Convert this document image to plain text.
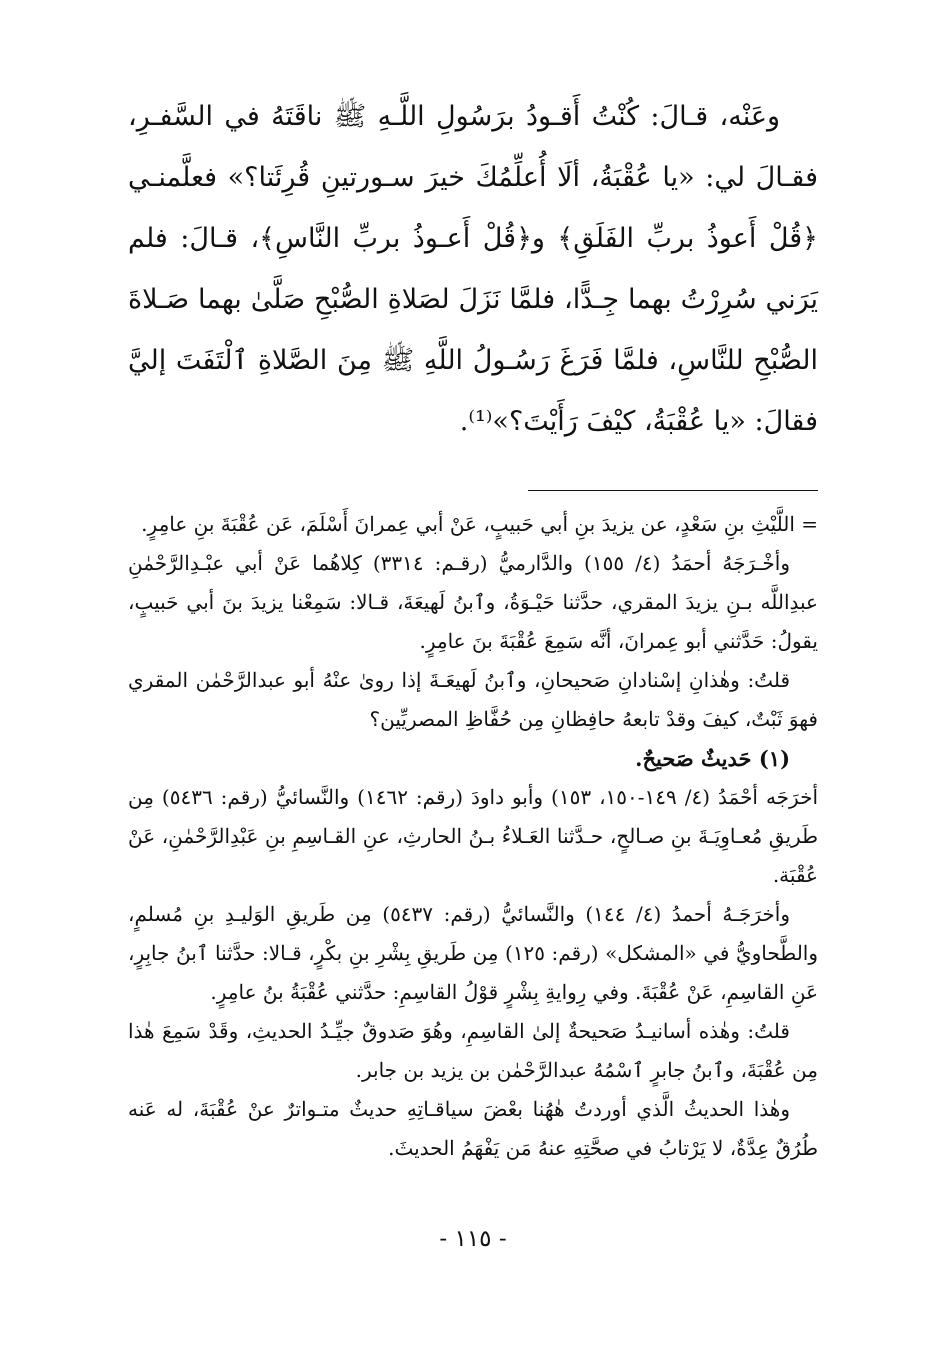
وعَنْه، قـالَ: كُنْتُ أَقـودُ برَسُولِ اللَّـهِ ﷺ ناقَتَهُ في السَّفـرِ، فقـالَ لي: «يا عُقْبَةُ، ألَا أُعلِّمُكَ خيرَ سـورتينِ قُرِئَتا؟» فعلَّمنـي ﴿قُلْ أَعوذُ بربِّ الفَلَقِ﴾ و﴿قُلْ أَعـوذُ بربِّ النَّاسِ﴾، قـالَ: فلم يَرَني سُرِرْتُ بهما جِـدًّا، فلمَّا نَزَلَ لصَلاةِ الصُّبْحِ صَلَّىٰ بهما صَـلاةَ الصُّبْحِ للنَّاسِ، فلمَّا فَرَغَ رَسُـولُ اللَّهِ ﷺ مِنَ الصَّلاةِ ٱلْتَفَتَ إليَّ فقالَ: «يا عُقْبَةُ، كيْفَ رَأَيْتَ؟»⁽¹⁾.

= اللَّيْثِ بنِ سَعْدٍ، عن يزيدَ بنِ أبي حَبيبٍ، عَنْ أبي عِمرانَ أَسْلَمَ، عَن عُقْبَةَ بنِ عامِرٍ.

وأخْـرَجَهُ أحمَدُ (٤/ ١٥٥) والدَّارميُّ (رقـم: ٣٣١٤) كِلاهُما عَنْ أبي عبْـدِالرَّحْمٰنِ عبدِاللَّه بـنِ يزيدَ المقري، حدَّثنا حَيْـوَةُ، وٱبنُ لَهيعَةَ، قـالا: سَمِعْنا يزيدَ بنَ أبي حَبيبٍ، يقولُ: حَدَّثني أبو عِمرانَ، أنَّه سَمِعَ عُقْبَةَ بنَ عامِرٍ.

قلتُ: وهٰذانِ إسْنادانِ صَحيحانِ، وٱبنُ لَهيعَـةَ إذا روىٰ عنْهُ أبو عبدالرَّحْمٰن المقري فهوَ ثَبْتٌ، كيفَ وقدْ تابعهُ حافِظانِ مِن حُفَّاظِ المصريِّين؟

(١) حَديثٌ صَحيحٌ.

أخرَجَه أحْمَدُ (٤/ ١٤٩-١٥٠، ١٥٣) وأبو داودَ (رقم: ١٤٦٢) والنَّسائيُّ (رقم: ٥٤٣٦) مِن طَريقِ مُعـاوِيَـةَ بنِ صـالحٍ، حـدَّثنا العَـلاءُ بـنُ الحارثِ، عنِ القـاسِمِ بنِ عَبْدِالرَّحْمٰنِ، عَنْ عُقْبَة.

وأخرَجَـهُ أحمدُ (٤/ ١٤٤) والنَّسائيُّ (رقم: ٥٤٣٧) مِن طَريقِ الوَليـدِ بنِ مُسلمٍ، والطَّحاويُّ في «المشكل» (رقم: ١٢٥) مِن طَريقِ بِشْرِ بنِ بكْرٍ، قـالا: حدَّثنا ٱبنُ جابِرٍ، عَنِ القاسِمِ، عَنْ عُقْبَةَ. وفي رِوايةِ بِشْرٍ قوْلُ القاسِمِ: حدَّثني عُقْبَةُ بنُ عامِرٍ.

قلتُ: وهٰذه أسانيـدُ صَحيحةٌ إلىٰ القاسِمِ، وهُوَ صَدوقٌ جيِّـدُ الحديثِ، وقَدْ سَمِعَ هٰذا مِن عُقْبَةَ، وٱبنُ جابرٍ ٱسْمُهُ عبدالرَّحْمٰن بن يزيد بن جابر.

وهٰذا الحديثُ الَّذي أوردتُ هٰهُنا بعْضَ سياقـاتِهِ حديثٌ متـواترٌ عنْ عُقْبَةَ، له عَنه طُرُقٌ عِدَّةٌ، لا يَرْتابُ في صحَّتِهِ عنهُ مَن يَفْهَمُ الحديثَ.

- ١١٥ -
